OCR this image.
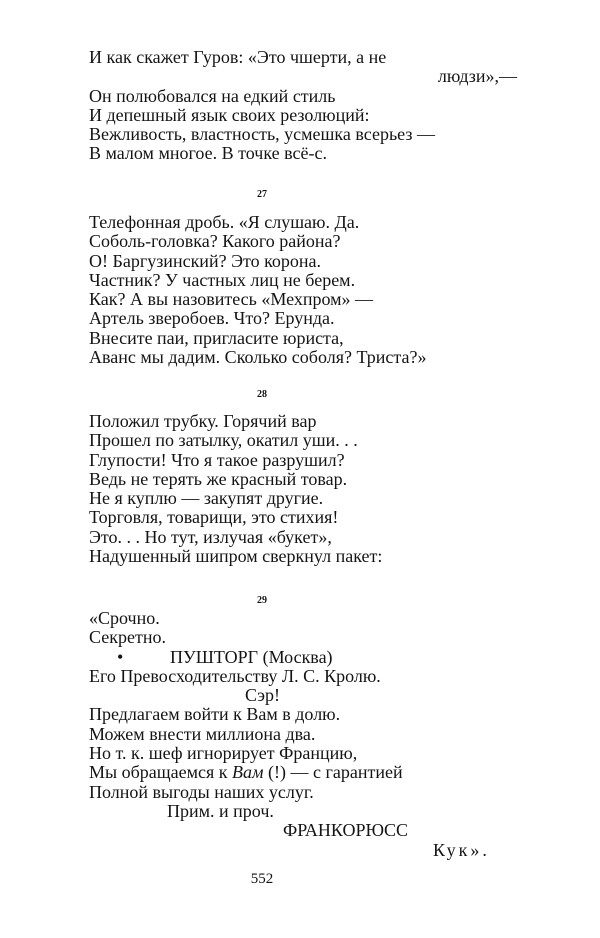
И как скажет Гуров: «Это чшерти, а не
людзи»,—
Он полюбовался на едкий стиль
И депешный язык своих резолюций:
Вежливость, властность, усмешка всерьез —
В малом многое. В точке всё-с.
27
Телефонная дробь. «Я слушаю. Да.
Соболь-головка? Какого района?
О! Баргузинский? Это корона.
Частник? У частных лиц не берем.
Как? А вы назовитесь «Мехпром» —
Артель зверобоев. Что? Ерунда.
Внесите паи, пригласите юриста,
Аванс мы дадим. Сколько соболя? Триста?»
28
Положил трубку. Горячий вар
Прошел по затылку, окатил уши. . .
Глупости! Что я такое разрушил?
Ведь не терять же красный товар.
Не я куплю — закупят другие.
Торговля, товарищи, это стихия!
Это. . . Но тут, излучая «букет»,
Надушенный шипром сверкнул пакет:
29
«Срочно.
Секретно.
•	ПУШТОРГ (Москва)
Его Превосходительству Л. С. Кролю.
Сэр!
Предлагаем войти к Вам в долю.
Можем внести миллиона два.
Но т. к. шеф игнорирует Францию,
Мы обращаемся к Вам (!) — с гарантией
Полной выгоды наших услуг.
Прим. и проч.
ФРАНКОРЮСС
Кук».
552
